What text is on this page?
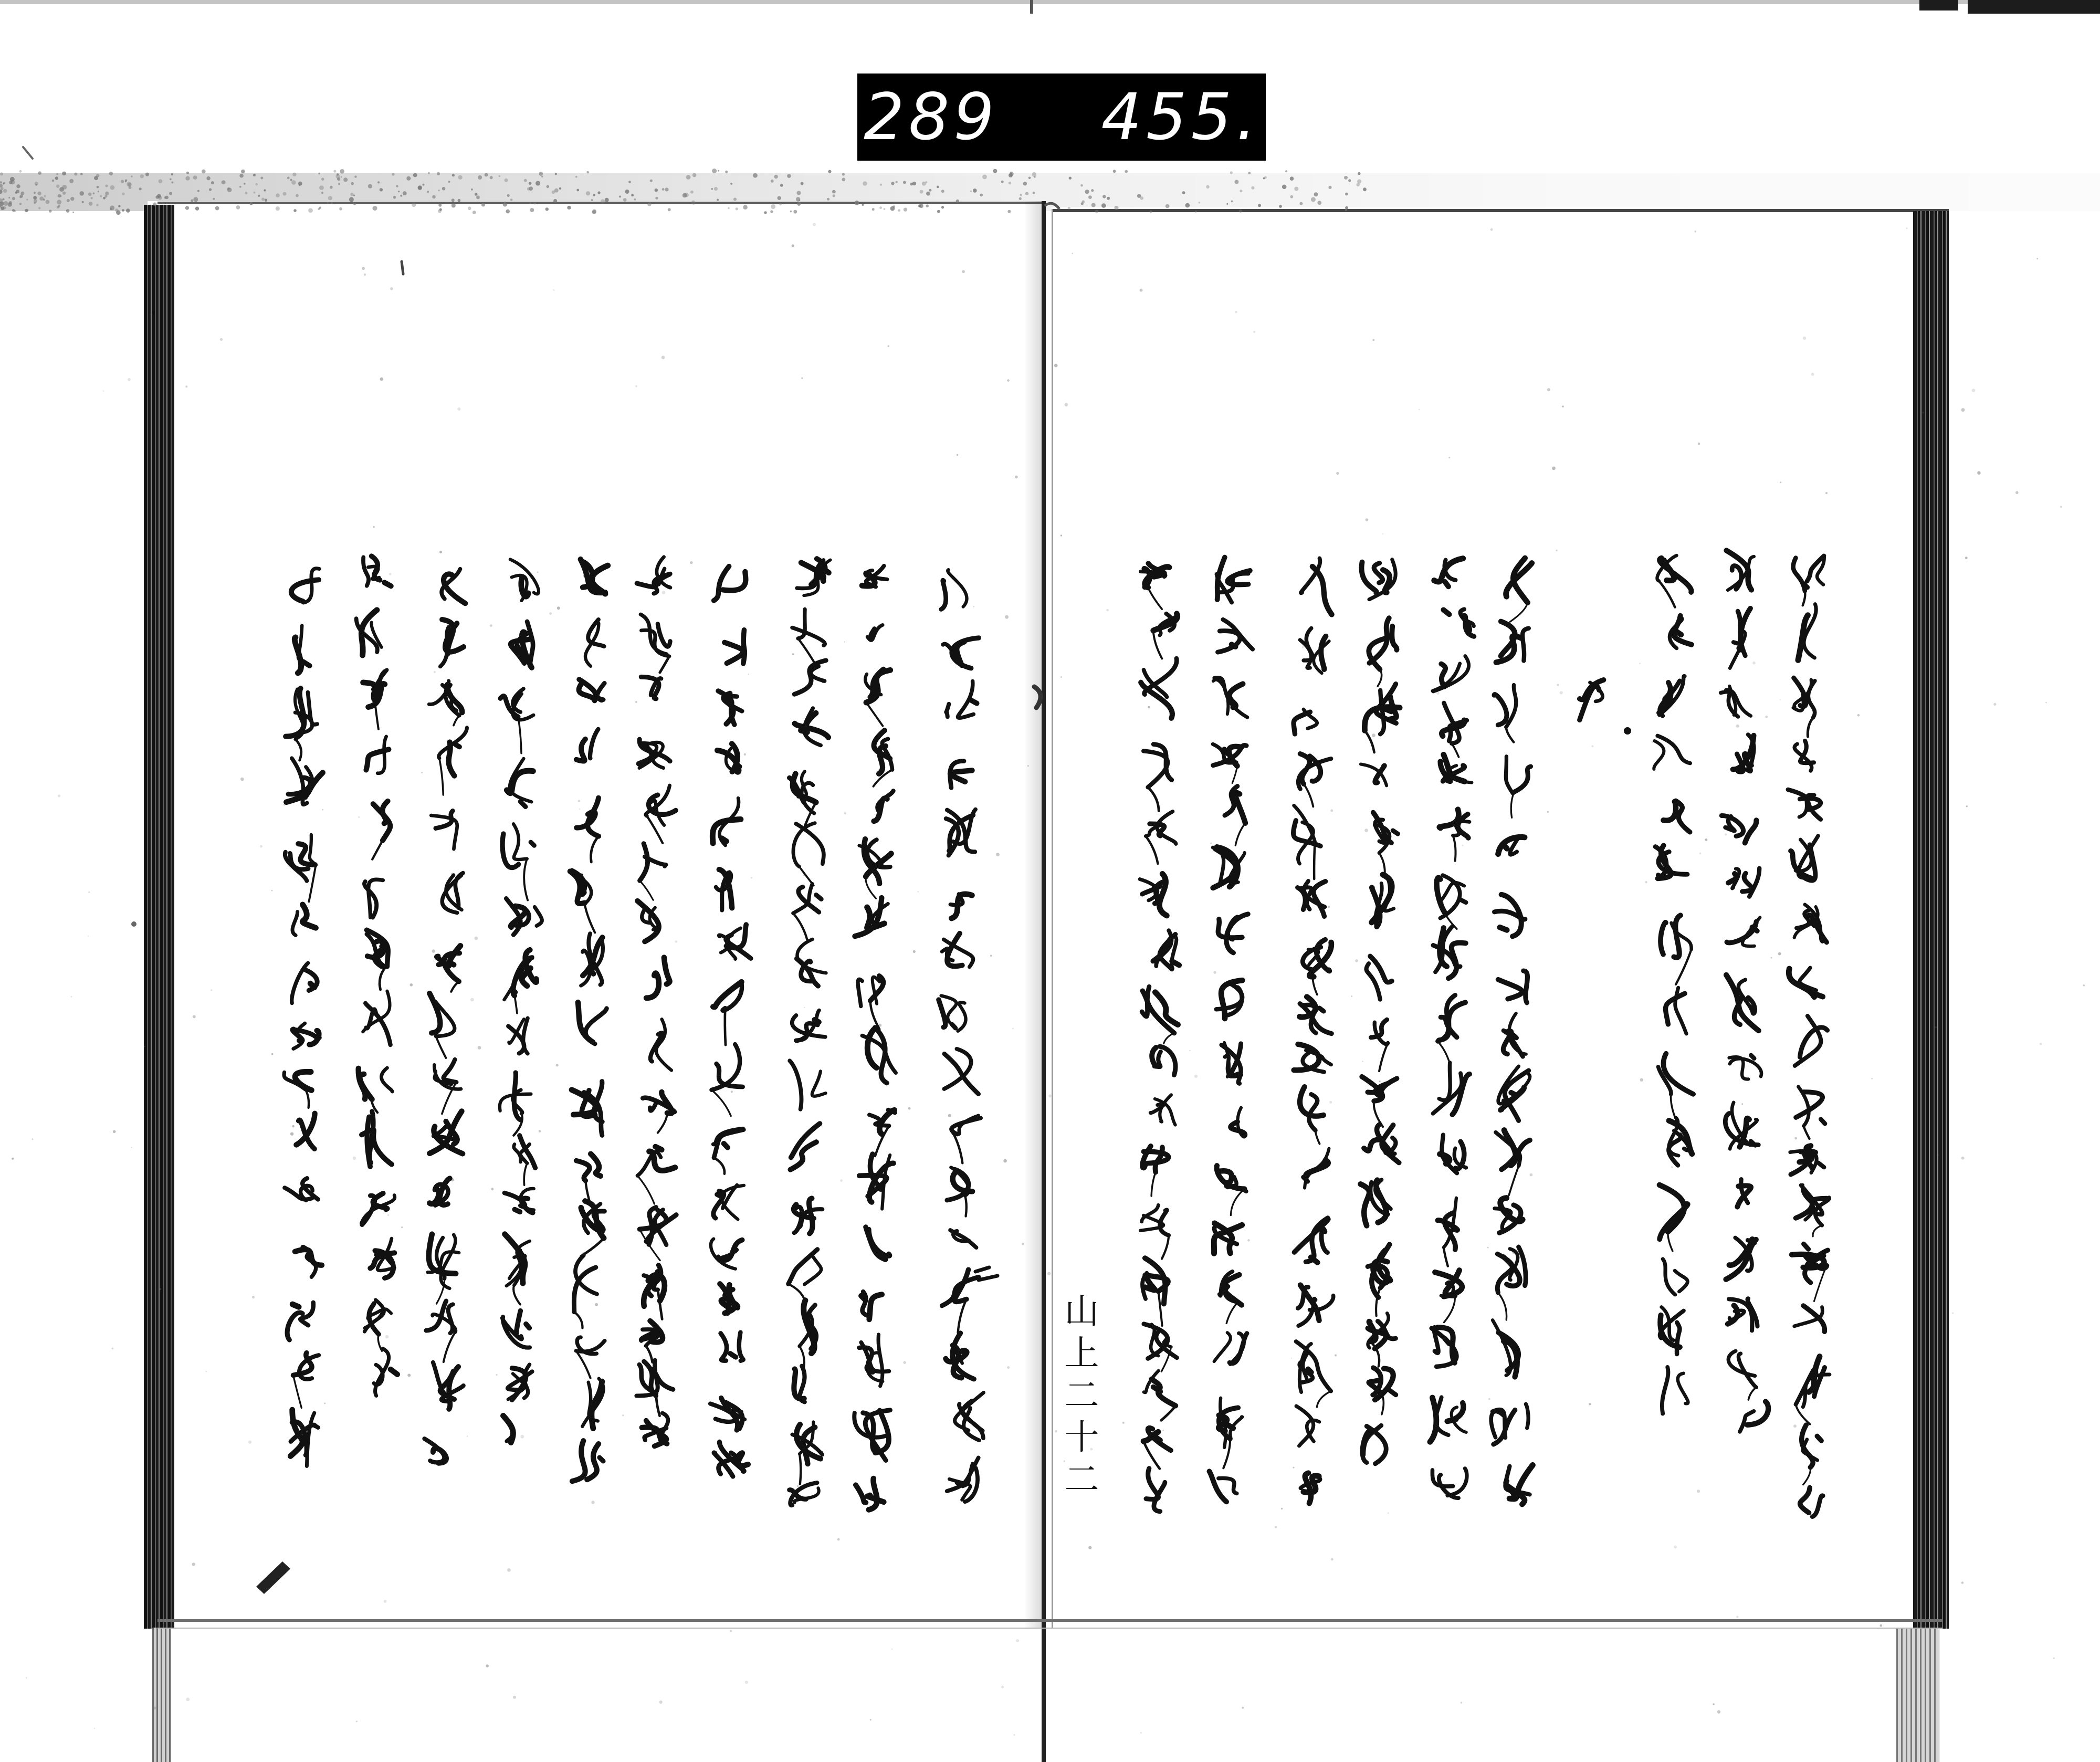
289 455.
山上二十二
